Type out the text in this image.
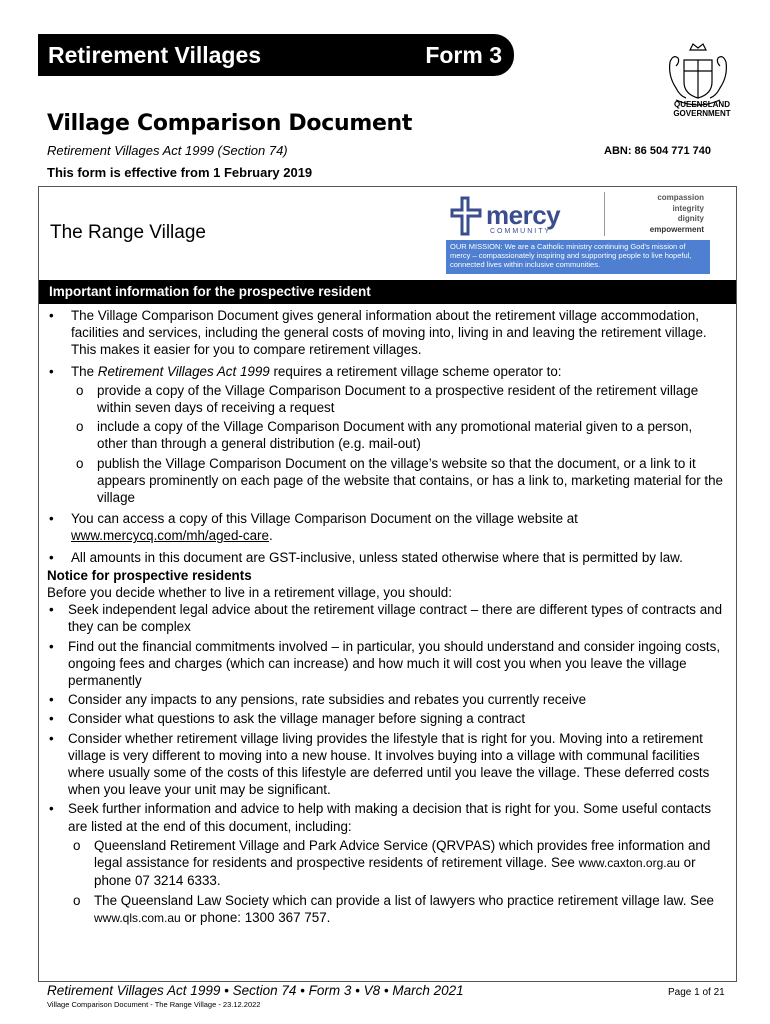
Retirement Villages	Form 3
QUEENSLAND
GOVERNMENT
Village Comparison Document
Retirement Villages Act 1999 (Section 74)	ABN: 86 504 771 740
This form is effective from 1 February 2019
The Range Village
mercy
COMMUNITY
compassion
integrity
dignity
empowerment
OUR MISSION: We are a Catholic ministry continuing God's mission of mercy – compassionately inspiring and supporting people to live hopeful, connected lives within inclusive communities.
Important information for the prospective resident
• The Village Comparison Document gives general information about the retirement village accommodation, facilities and services, including the general costs of moving into, living in and leaving the retirement village. This makes it easier for you to compare retirement villages.
• The Retirement Villages Act 1999 requires a retirement village scheme operator to:
o provide a copy of the Village Comparison Document to a prospective resident of the retirement village within seven days of receiving a request
o include a copy of the Village Comparison Document with any promotional material given to a person, other than through a general distribution (e.g. mail-out)
o publish the Village Comparison Document on the village’s website so that the document, or a link to it appears prominently on each page of the website that contains, or has a link to, marketing material for the village
• You can access a copy of this Village Comparison Document on the village website at
www.mercycq.com/mh/aged-care.
• All amounts in this document are GST-inclusive, unless stated otherwise where that is permitted by law.
Notice for prospective residents
Before you decide whether to live in a retirement village, you should:
• Seek independent legal advice about the retirement village contract – there are different types of contracts and they can be complex
• Find out the financial commitments involved – in particular, you should understand and consider ingoing costs, ongoing fees and charges (which can increase) and how much it will cost you when you leave the village permanently
• Consider any impacts to any pensions, rate subsidies and rebates you currently receive
• Consider what questions to ask the village manager before signing a contract
• Consider whether retirement village living provides the lifestyle that is right for you. Moving into a retirement village is very different to moving into a new house. It involves buying into a village with communal facilities where usually some of the costs of this lifestyle are deferred until you leave the village. These deferred costs when you leave your unit may be significant.
• Seek further information and advice to help with making a decision that is right for you. Some useful contacts are listed at the end of this document, including:
o Queensland Retirement Village and Park Advice Service (QRVPAS) which provides free information and legal assistance for residents and prospective residents of retirement village. See www.caxton.org.au or phone 07 3214 6333.
o The Queensland Law Society which can provide a list of lawyers who practice retirement village law. See www.qls.com.au or phone: 1300 367 757.
Retirement Villages Act 1999 • Section 74 • Form 3 • V8 • March 2021
Village Comparison Document - The Range Village - 23.12.2022
Page 1 of 21
